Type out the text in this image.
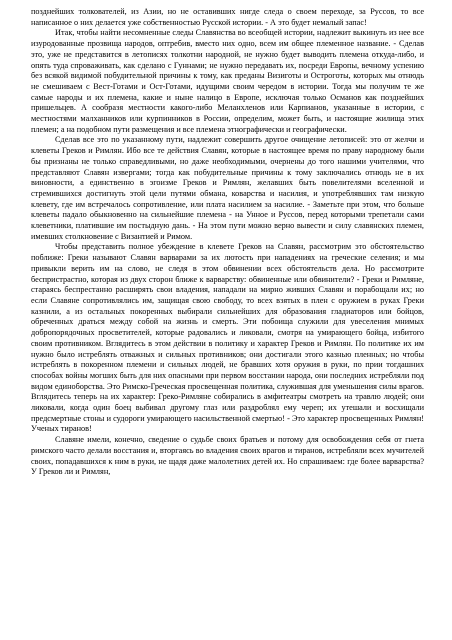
позднейших толкователей, из Азии, но не оставивших нигде следа о своем переходе, за Руссов, то все написанное о них делается уже собственностью Русской истории. - А это будет немалый запас!

Итак, чтобы найти несомненные следы Славянства во всеобщей истории, надлежит выкинуть из нее все изуродованные прозвища народов, оптребив, вместо них одно, всем им общее племенное название. - Сделав это, уже не представится в летописях толкотни народной, не нужно будет выводить племена откуда-либо, и опять туда спроваживать, как сделано с Гуннами; не нужно передавать их, посреди Европы, вечному успению без всякой видимой побудительной причины к тому, как преданы Визиготы и Остроготы, которых мы отнюдь не смешиваем с Вест-Готами и Ост-Готами, идущими своим чередом в истории. Тогда мы получим те же самые народы и их племена, какие и ныне налицо в Европе, исключая только Османов как позднейших пришельцев. А сообразя местности какого-либо Меланхленов или Карпианов, указанные в истории, с местностями малханников или курпинников в России, определим, может быть, и настоящие жилища этих племен; а на подобном пути размещения и все племена этнографически и географически.

Сделав все это по указанному пути, надлежит совершить другое очищение летописей: это от желчи и клеветы Греков и Римлян. Ибо все те действия Славян, которые в настоящее время по праву народному были бы признаны не только справедливыми, но даже необходимыми, очернены до того нашими учителями, что представляют Славян извергами; тогда как побудительные причины к тому заключались отнюдь не в их виновности, а единственно в эгоизме Греков и Римлян, желавших быть повелителями вселенной и стремившихся достигнуть этой цели путями обмана, коварства и насилия, и употреблявших там низкую клевету, где им встречалось сопротивление, или плата насилием за насилие. - Заметьте при этом, что больше клеветы падало обыкновенно на сильнейшие племена - на Унное и Руссов, перед которыми трепетали сами клеветники, платившие им постыдную дань. - На этом пути можно верно вывести и силу славянских племен, имевших столкновение с Византией и Римом.

Чтобы представить полное убеждение в клевете Греков на Славян, рассмотрим это обстоятельство поближе: Греки называют Славян варварами за их лютость при нападениях на греческие селения; и мы привыкли верить им на слово, не следя в этом обвинении всех обстоятельств дела. Но рассмотрите беспристрастно, которая из двух сторон ближе к варварству: обвиненные или обвинители? - Греки и Римляне, стараясь беспрестанно расширять свои владения, нападали на мирно живших Славян и порабощали их; но если Славяне сопротивлялись им, защищая свою свободу, то всех взятых в плен с оружием в руках Греки казнили, а из остальных покоренных выбирали сильнейших для образования гладиаторов или бойцов, обреченных драться между собой на жизнь и смерть. Эти побоища служили для увеселения мнимых добропорядочных просветителей, которые радовались и ликовали, смотря на умирающего бойца, избитого своим противником. Вглядитесь в этом действии в политику и характер Греков и Римлян. По политике их им нужно было истреблять отважных и сильных противников; они достигали этого казнью пленных; но чтобы истреблять в покоренном племени и сильных людей, не бравших хотя оружия в руки, по прии тогдашних способах войны могших быть для них опасными при первом восстании народа, они последних истребляли под видом единоборства. Это Римско-Греческая просвещенная политика, служившая для уменьшения силы врагов. Вглядитесь теперь на их характер: Греко-Римляне собирались в амфитеатры смотреть на травлю людей; они ликовали, когда один боец выбивал другому глаз или раздроблял ему череп; их утешали и восхищали предсмертные стоны и судороги умирающего насильственной смертью! - Это характер просвещенных Римлян! Ученых тиранов!

Славяне имели, конечно, сведение о судьбе своих братьев и потому для освобождения себя от гнета римского часто делали восстания и, вторгаясь во владения своих врагов и тиранов, истребляли всех мучителей своих, попадавшихся к ним в руки, не щадя даже малолетних детей их. Но спрашиваем: где более варварства? У Греков ли и Римлян,
